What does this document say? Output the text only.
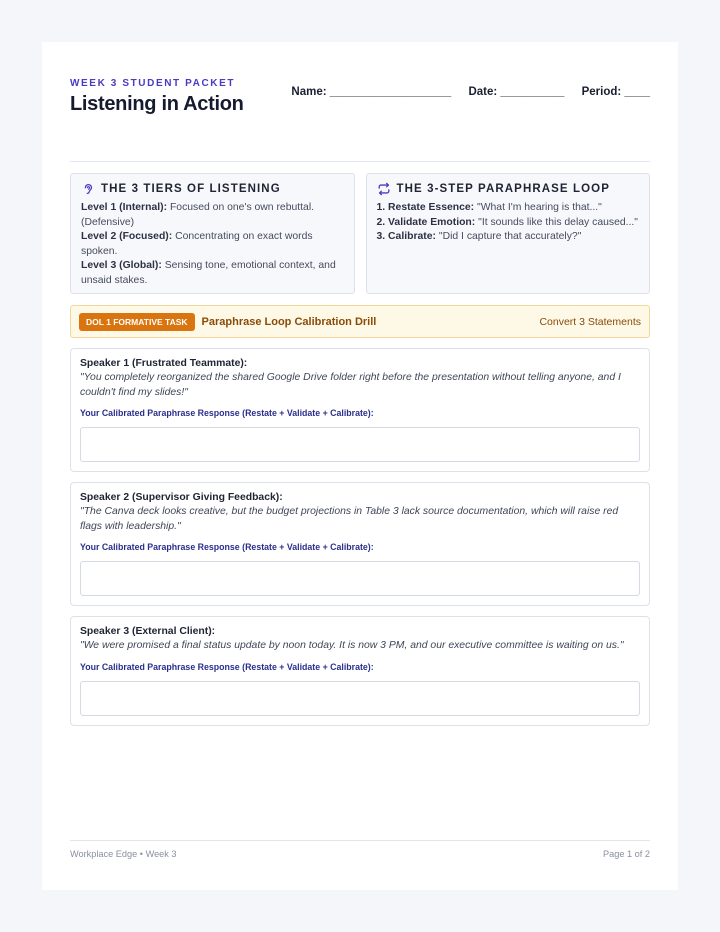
WEEK 3 STUDENT PACKET
Listening in Action
Name: ___________________ Date: __________ Period: ____
THE 3 TIERS OF LISTENING
Level 1 (Internal): Focused on one's own rebuttal. (Defensive)
Level 2 (Focused): Concentrating on exact words spoken.
Level 3 (Global): Sensing tone, emotional context, and unsaid stakes.
THE 3-STEP PARAPHRASE LOOP
1. Restate Essence: "What I'm hearing is that..."
2. Validate Emotion: "It sounds like this delay caused..."
3. Calibrate: "Did I capture that accurately?"
DOL 1 FORMATIVE TASK	Paraphrase Loop Calibration Drill	Convert 3 Statements
Speaker 1 (Frustrated Teammate):
"You completely reorganized the shared Google Drive folder right before the presentation without telling anyone, and I couldn't find my slides!"
Your Calibrated Paraphrase Response (Restate + Validate + Calibrate):
Speaker 2 (Supervisor Giving Feedback):
"The Canva deck looks creative, but the budget projections in Table 3 lack source documentation, which will raise red flags with leadership."
Your Calibrated Paraphrase Response (Restate + Validate + Calibrate):
Speaker 3 (External Client):
"We were promised a final status update by noon today. It is now 3 PM, and our executive committee is waiting on us."
Your Calibrated Paraphrase Response (Restate + Validate + Calibrate):
Workplace Edge • Week 3	Page 1 of 2
